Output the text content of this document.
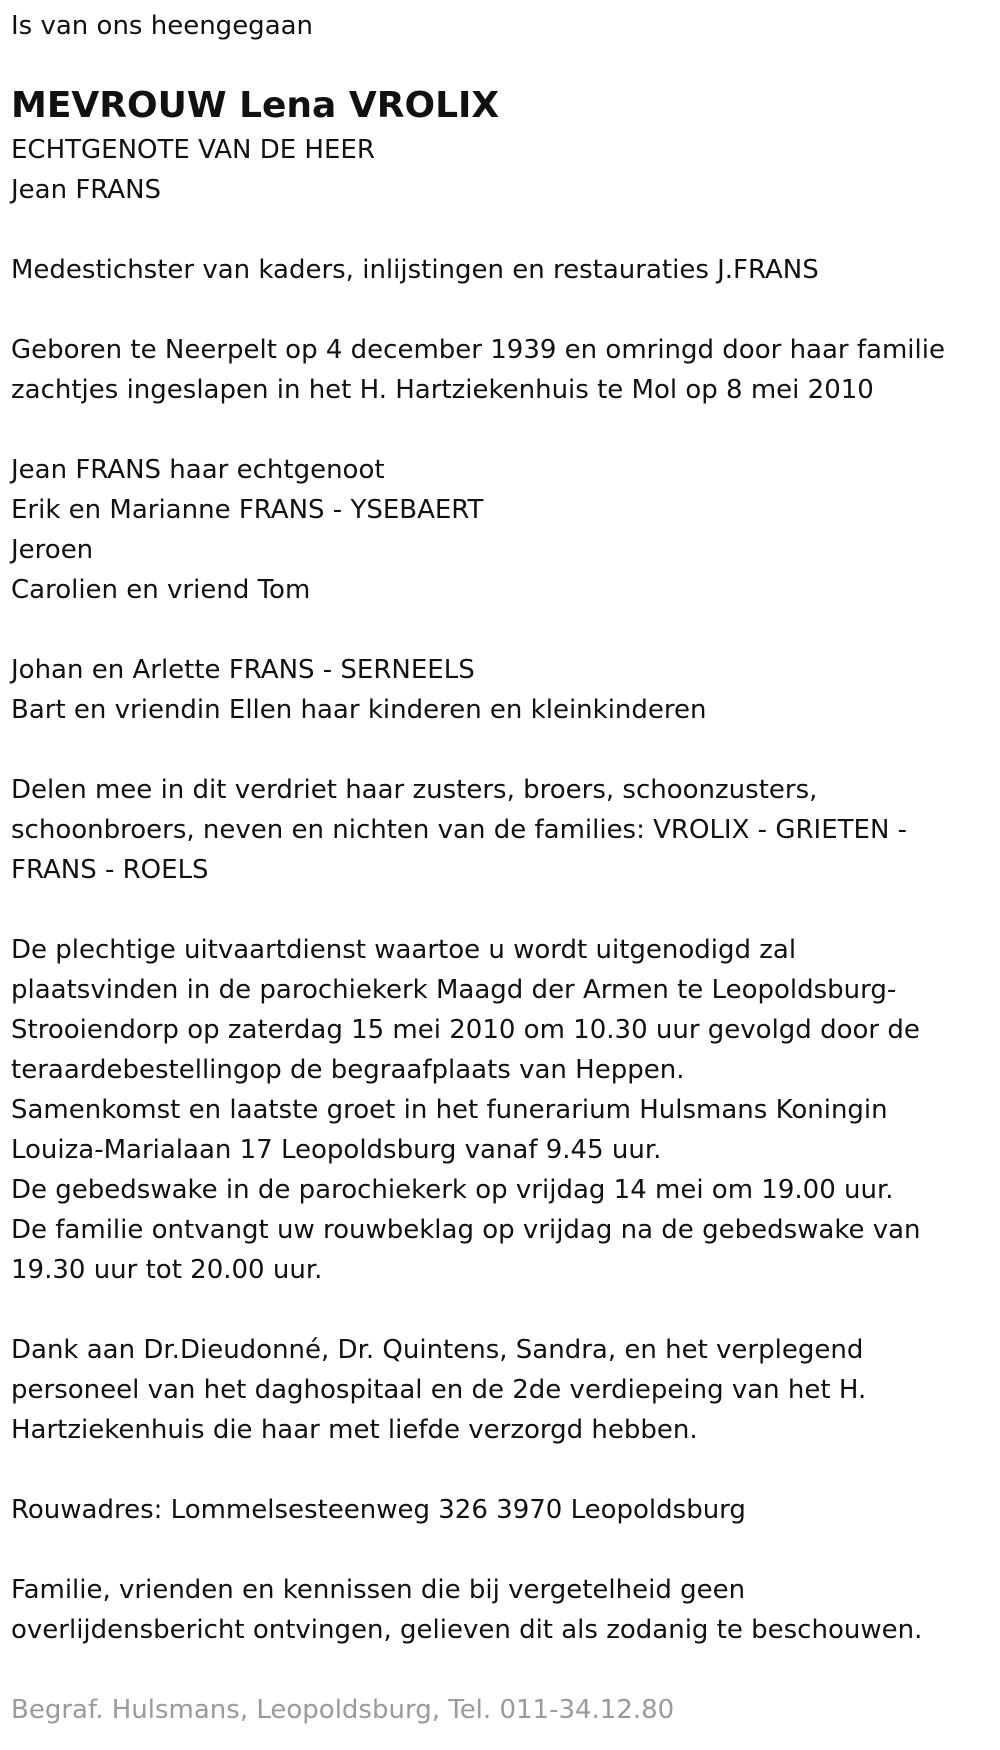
Is van ons heengegaan
MEVROUW Lena VROLIX
ECHTGENOTE VAN DE HEER
Jean FRANS
Medestichster van kaders, inlijstingen en restauraties J.FRANS
Geboren te Neerpelt op 4 december 1939 en omringd door haar familie
zachtjes ingeslapen in het H. Hartziekenhuis te Mol op 8 mei 2010
Jean FRANS haar echtgenoot
Erik en Marianne FRANS - YSEBAERT
Jeroen
Carolien en vriend Tom
Johan en Arlette FRANS - SERNEELS
Bart en vriendin Ellen haar kinderen en kleinkinderen
Delen mee in dit verdriet haar zusters, broers, schoonzusters,
schoonbroers, neven en nichten van de families: VROLIX - GRIETEN -
FRANS - ROELS
De plechtige uitvaartdienst waartoe u wordt uitgenodigd zal
plaatsvinden in de parochiekerk Maagd der Armen te Leopoldsburg-
Strooiendorp op zaterdag 15 mei 2010 om 10.30 uur gevolgd door de
teraardebestellingop de begraafplaats van Heppen.
Samenkomst en laatste groet in het funerarium Hulsmans Koningin
Louiza-Marialaan 17 Leopoldsburg vanaf 9.45 uur.
De gebedswake in de parochiekerk op vrijdag 14 mei om 19.00 uur.
De familie ontvangt uw rouwbeklag op vrijdag na de gebedswake van
19.30 uur tot 20.00 uur.
Dank aan Dr.Dieudonné, Dr. Quintens, Sandra, en het verplegend
personeel van het daghospitaal en de 2de verdiepeing van het H.
Hartziekenhuis die haar met liefde verzorgd hebben.
Rouwadres: Lommelsesteenweg 326 3970 Leopoldsburg
Familie, vrienden en kennissen die bij vergetelheid geen
overlijdensbericht ontvingen, gelieven dit als zodanig te beschouwen.
Begraf. Hulsmans, Leopoldsburg, Tel. 011-34.12.80
